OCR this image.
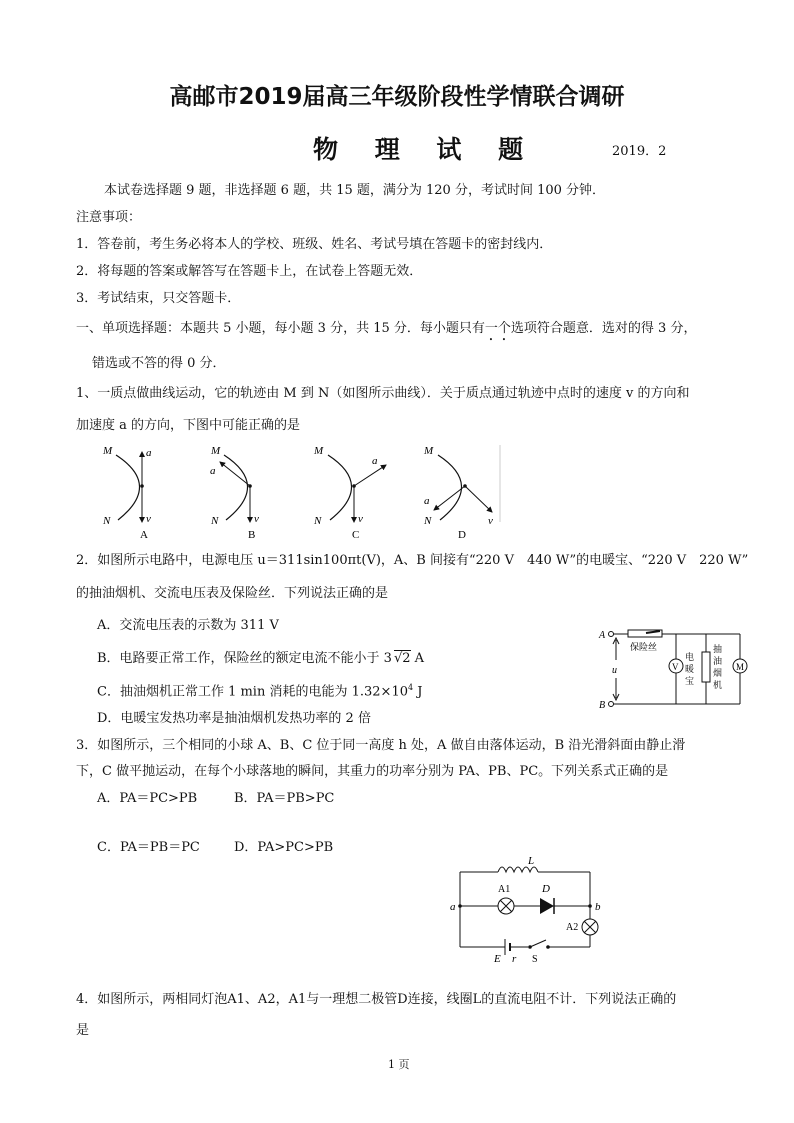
高邮市2019届高三年级阶段性学情联合调研
物 理 试 题	2019．2
本试卷选择题 9 题，非选择题 6 题，共 15 题，满分为 120 分，考试时间 100 分钟．
注意事项：
1．答卷前，考生务必将本人的学校、班级、姓名、考试号填在答题卡的密封线内．
2．将每题的答案或解答写在答题卡上，在试卷上答题无效．
3．考试结束，只交答题卡．
一、单项选择题：本题共 5 小题，每小题 3 分，共 15 分．每小题只有一个选项符合题意．选对的得 3 分，
错选或不答的得 0 分．
1、一质点做曲线运动，它的轨迹由 M 到 N（如图所示曲线）．关于质点通过轨迹中点时的速度 v 的方向和
加速度 a 的方向，下图中可能正确的是
M
N
a
v
A
M
N
a
v
B
M
N
a
v
C
M
N
a
v
D
2．如图所示电路中，电源电压 u＝311sin100πt(V)，A、B 间接有“220 V　440 W”的电暖宝、“220 V　220 W”
的抽油烟机、交流电压表及保险丝．下列说法正确的是
A．交流电压表的示数为 311 V
B．电路要正常工作，保险丝的额定电流不能小于 3 √2 A
C．抽油烟机正常工作 1 min 消耗的电能为 $1.32\times 10^4$ J
D．电暖宝发热功率是抽油烟机发热功率的 2 倍
A
B
u
保险丝
V
电
暖
宝
抽
油
烟
机
M
3．如图所示，三个相同的小球 A、B、C 位于同一高度 h 处，A 做自由落体运动，B 沿光滑斜面由静止滑
下，C 做平抛运动，在每个小球落地的瞬间，其重力的功率分别为 PA、PB、PC。下列关系式正确的是
A．PA＝PC>PB	B．PA＝PB>PC
C．PA＝PB＝PC	D．PA>PC>PB
L
A1	D
a	b
A2
E r S
4．如图所示，两相同灯泡A1、A2，A1与一理想二极管D连接，线圈L的直流电阻不计．下列说法正确的
是
1 页
